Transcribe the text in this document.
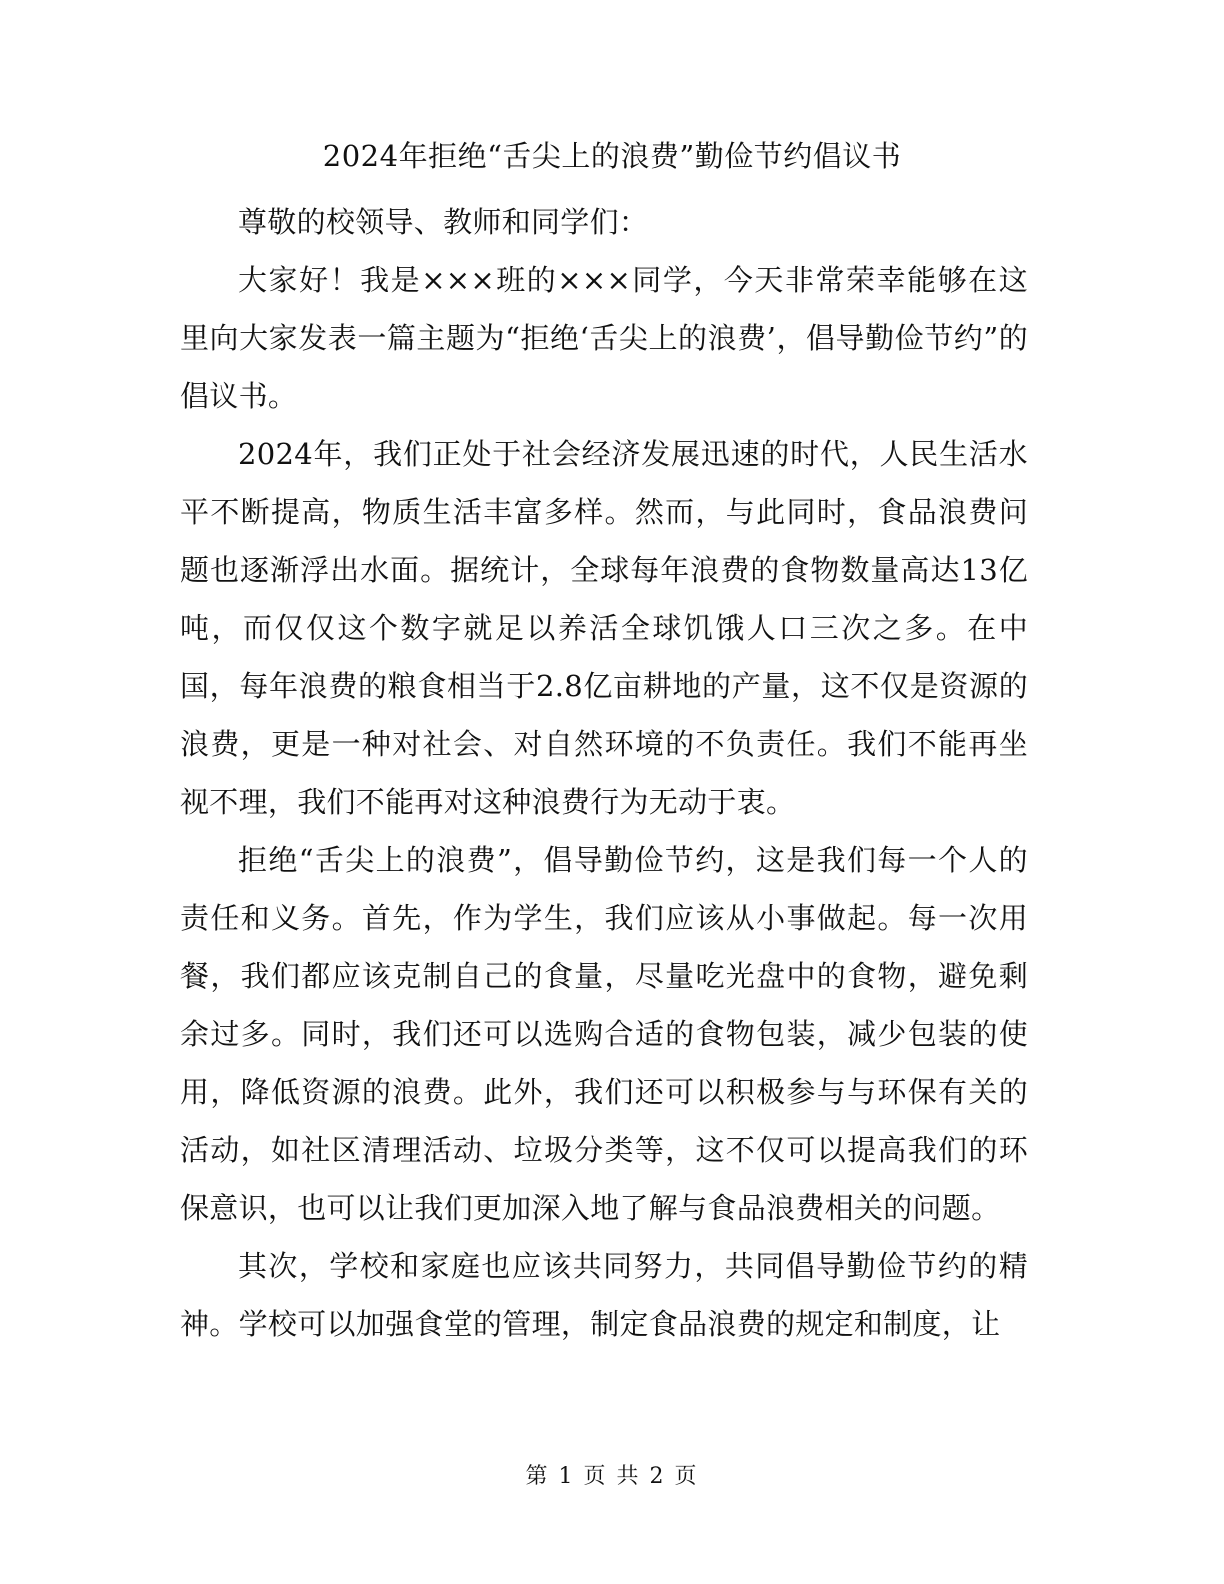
2024年拒绝“舌尖上的浪费”勤俭节约倡议书

尊敬的校领导、教师和同学们：

大家好！我是×××班的×××同学，今天非常荣幸能够在这里向大家发表一篇主题为“拒绝‘舌尖上的浪费’，倡导勤俭节约”的倡议书。

2024年，我们正处于社会经济发展迅速的时代，人民生活水平不断提高，物质生活丰富多样。然而，与此同时，食品浪费问题也逐渐浮出水面。据统计，全球每年浪费的食物数量高达13亿吨，而仅仅这个数字就足以养活全球饥饿人口三次之多。在中国，每年浪费的粮食相当于2.8亿亩耕地的产量，这不仅是资源的浪费，更是一种对社会、对自然环境的不负责任。我们不能再坐视不理，我们不能再对这种浪费行为无动于衷。

拒绝“舌尖上的浪费”，倡导勤俭节约，这是我们每一个人的责任和义务。首先，作为学生，我们应该从小事做起。每一次用餐，我们都应该克制自己的食量，尽量吃光盘中的食物，避免剩余过多。同时，我们还可以选购合适的食物包装，减少包装的使用，降低资源的浪费。此外，我们还可以积极参与与环保有关的活动，如社区清理活动、垃圾分类等，这不仅可以提高我们的环保意识，也可以让我们更加深入地了解与食品浪费相关的问题。

其次，学校和家庭也应该共同努力，共同倡导勤俭节约的精神。学校可以加强食堂的管理，制定食品浪费的规定和制度，让

第 1 页 共 2 页
